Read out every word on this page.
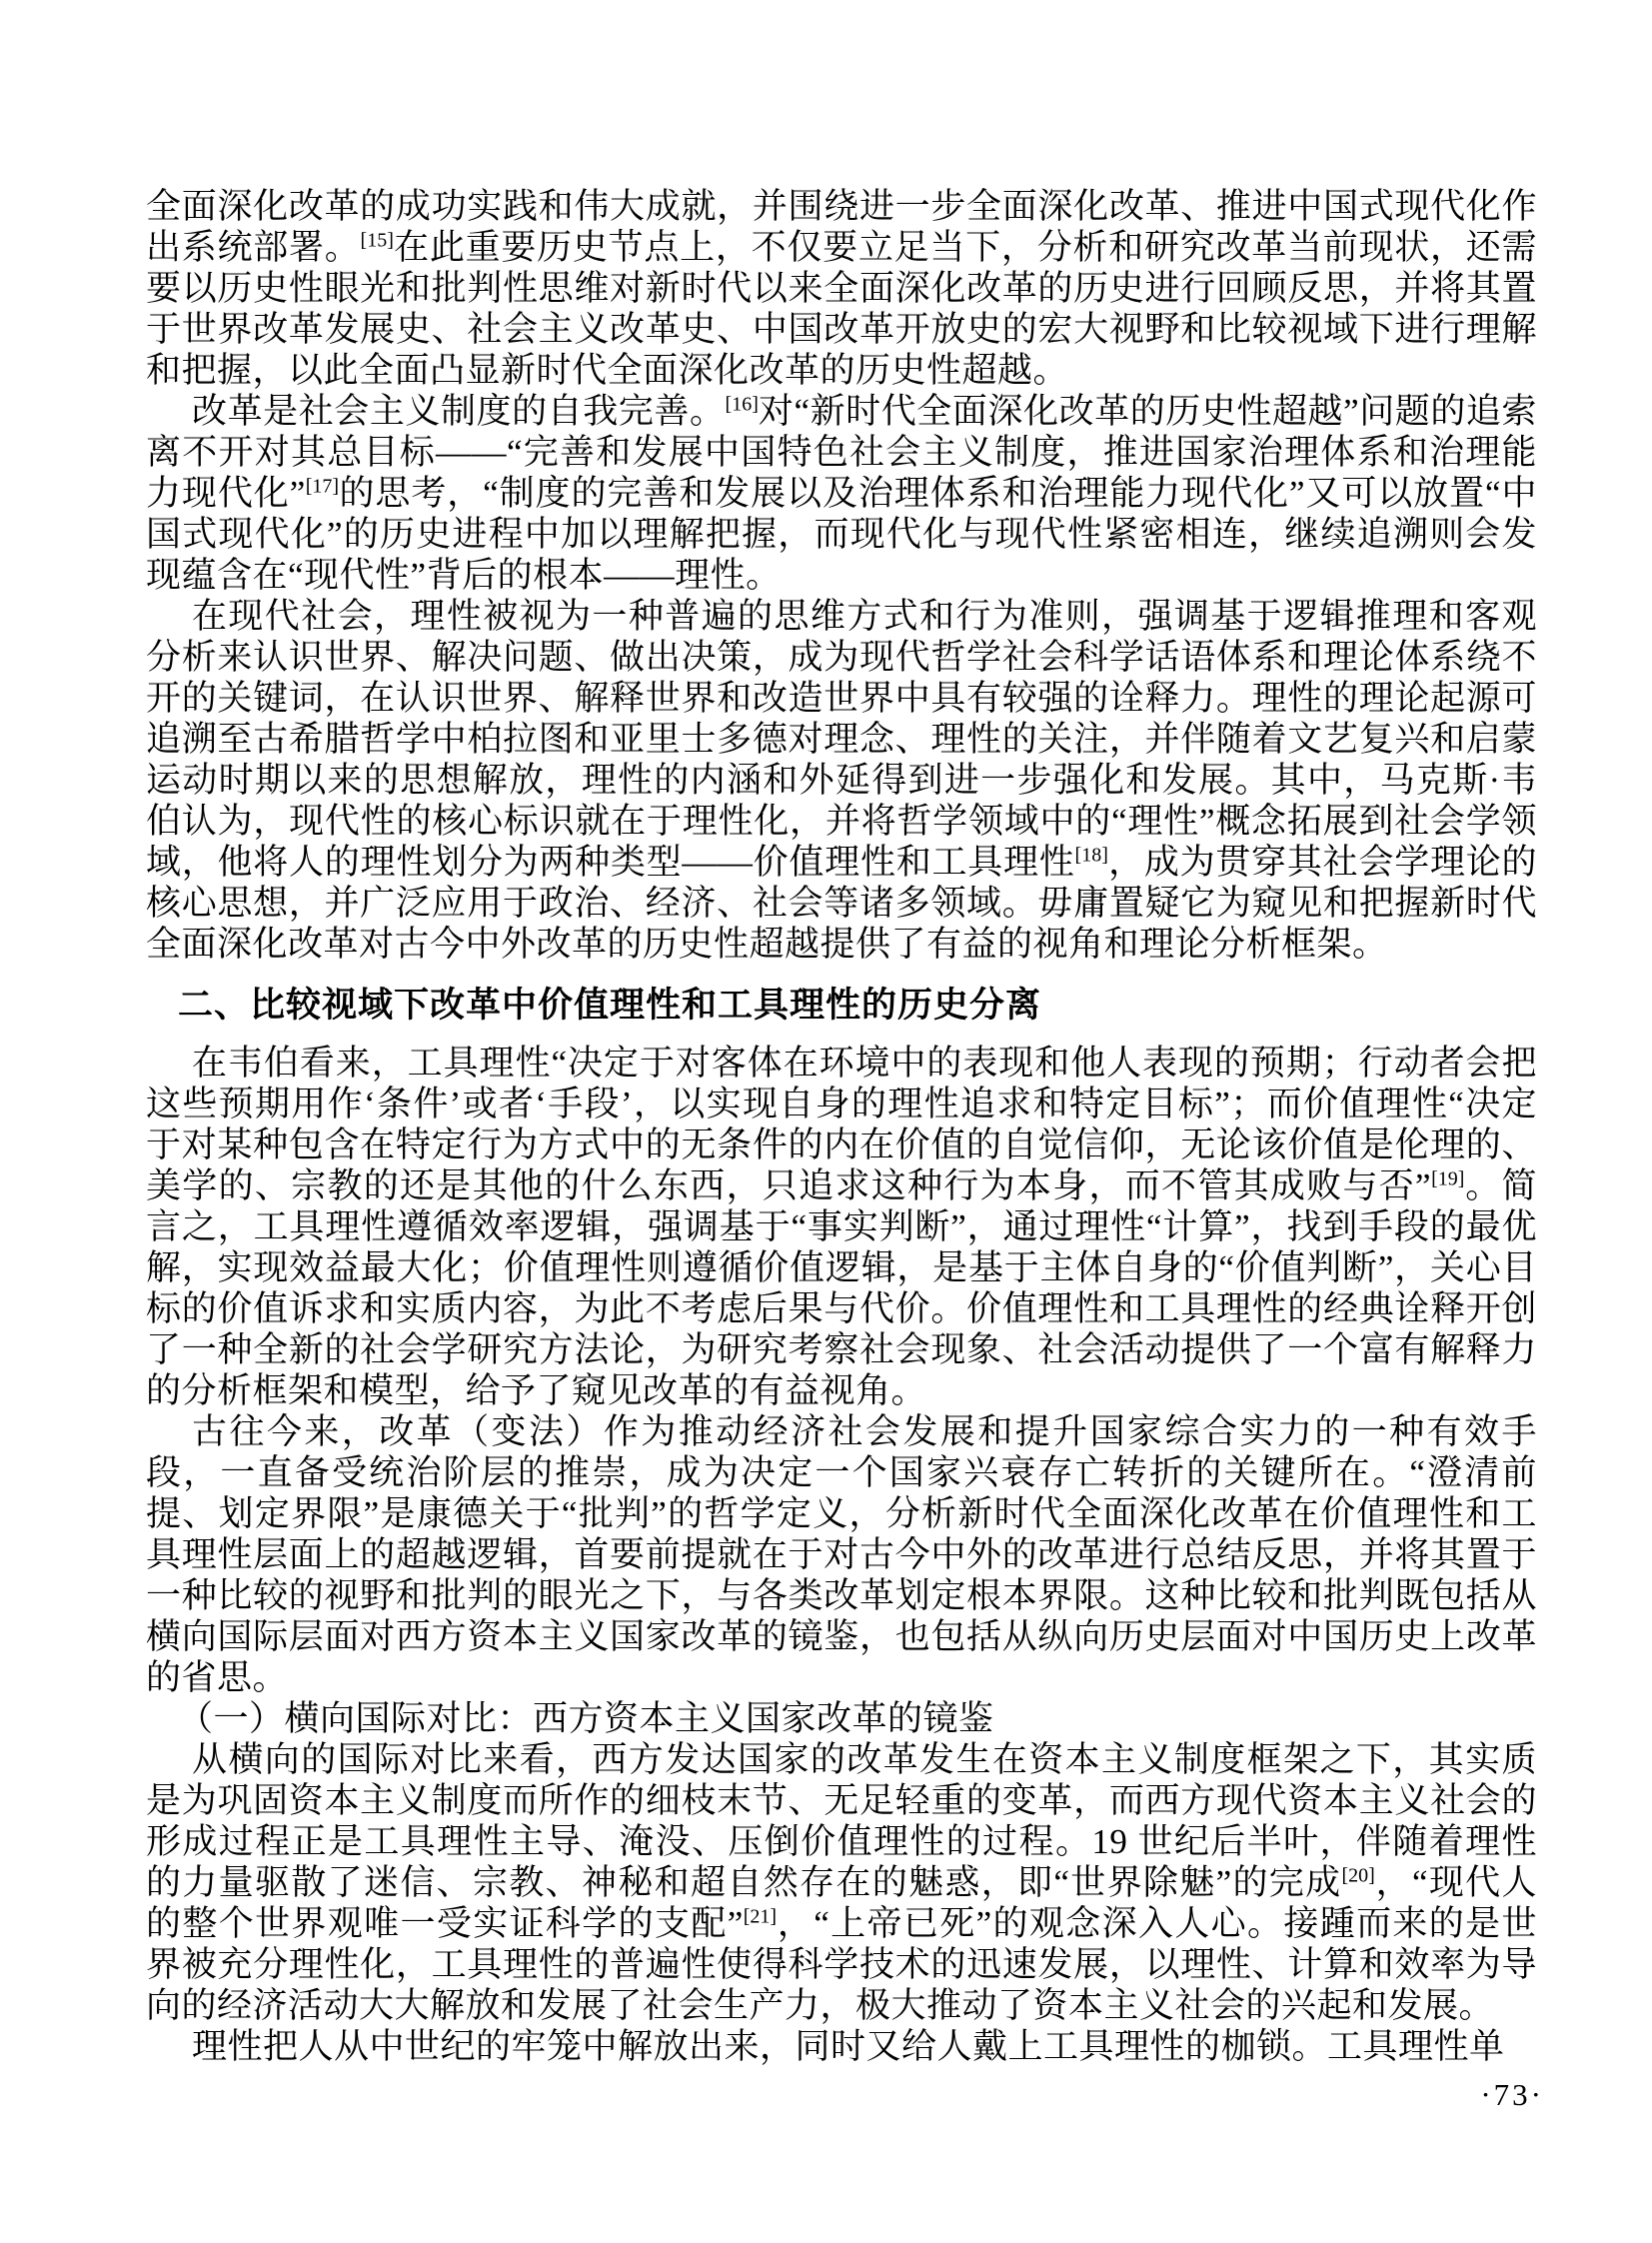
全面深化改革的成功实践和伟大成就，并围绕进一步全面深化改革、推进中国式现代化作出系统部署。[15]在此重要历史节点上，不仅要立足当下，分析和研究改革当前现状，还需要以历史性眼光和批判性思维对新时代以来全面深化改革的历史进行回顾反思，并将其置于世界改革发展史、社会主义改革史、中国改革开放史的宏大视野和比较视域下进行理解和把握，以此全面凸显新时代全面深化改革的历史性超越。

改革是社会主义制度的自我完善。[16]对“新时代全面深化改革的历史性超越”问题的追索离不开对其总目标——“完善和发展中国特色社会主义制度，推进国家治理体系和治理能力现代化”[17]的思考，“制度的完善和发展以及治理体系和治理能力现代化”又可以放置“中国式现代化”的历史进程中加以理解把握，而现代化与现代性紧密相连，继续追溯则会发现蕴含在“现代性”背后的根本——理性。

在现代社会，理性被视为一种普遍的思维方式和行为准则，强调基于逻辑推理和客观分析来认识世界、解决问题、做出决策，成为现代哲学社会科学话语体系和理论体系绕不开的关键词，在认识世界、解释世界和改造世界中具有较强的诠释力。理性的理论起源可追溯至古希腊哲学中柏拉图和亚里士多德对理念、理性的关注，并伴随着文艺复兴和启蒙运动时期以来的思想解放，理性的内涵和外延得到进一步强化和发展。其中，马克斯·韦伯认为，现代性的核心标识就在于理性化，并将哲学领域中的“理性”概念拓展到社会学领域，他将人的理性划分为两种类型——价值理性和工具理性[18]，成为贯穿其社会学理论的核心思想，并广泛应用于政治、经济、社会等诸多领域。毋庸置疑它为窥见和把握新时代全面深化改革对古今中外改革的历史性超越提供了有益的视角和理论分析框架。

二、比较视域下改革中价值理性和工具理性的历史分离

在韦伯看来，工具理性“决定于对客体在环境中的表现和他人表现的预期；行动者会把这些预期用作‘条件’或者‘手段’，以实现自身的理性追求和特定目标”；而价值理性“决定于对某种包含在特定行为方式中的无条件的内在价值的自觉信仰，无论该价值是伦理的、美学的、宗教的还是其他的什么东西，只追求这种行为本身，而不管其成败与否”[19]。简言之，工具理性遵循效率逻辑，强调基于“事实判断”，通过理性“计算”，找到手段的最优解，实现效益最大化；价值理性则遵循价值逻辑，是基于主体自身的“价值判断”，关心目标的价值诉求和实质内容，为此不考虑后果与代价。价值理性和工具理性的经典诠释开创了一种全新的社会学研究方法论，为研究考察社会现象、社会活动提供了一个富有解释力的分析框架和模型，给予了窥见改革的有益视角。

古往今来，改革（变法）作为推动经济社会发展和提升国家综合实力的一种有效手段，一直备受统治阶层的推崇，成为决定一个国家兴衰存亡转折的关键所在。“澄清前提、划定界限”是康德关于“批判”的哲学定义，分析新时代全面深化改革在价值理性和工具理性层面上的超越逻辑，首要前提就在于对古今中外的改革进行总结反思，并将其置于一种比较的视野和批判的眼光之下，与各类改革划定根本界限。这种比较和批判既包括从横向国际层面对西方资本主义国家改革的镜鉴，也包括从纵向历史层面对中国历史上改革的省思。

（一）横向国际对比：西方资本主义国家改革的镜鉴

从横向的国际对比来看，西方发达国家的改革发生在资本主义制度框架之下，其实质是为巩固资本主义制度而所作的细枝末节、无足轻重的变革，而西方现代资本主义社会的形成过程正是工具理性主导、淹没、压倒价值理性的过程。19 世纪后半叶，伴随着理性的力量驱散了迷信、宗教、神秘和超自然存在的魅惑，即“世界除魅”的完成[20]，“现代人的整个世界观唯一受实证科学的支配”[21]，“上帝已死”的观念深入人心。接踵而来的是世界被充分理性化，工具理性的普遍性使得科学技术的迅速发展，以理性、计算和效率为导向的经济活动大大解放和发展了社会生产力，极大推动了资本主义社会的兴起和发展。

理性把人从中世纪的牢笼中解放出来，同时又给人戴上工具理性的枷锁。工具理性单

·73·
